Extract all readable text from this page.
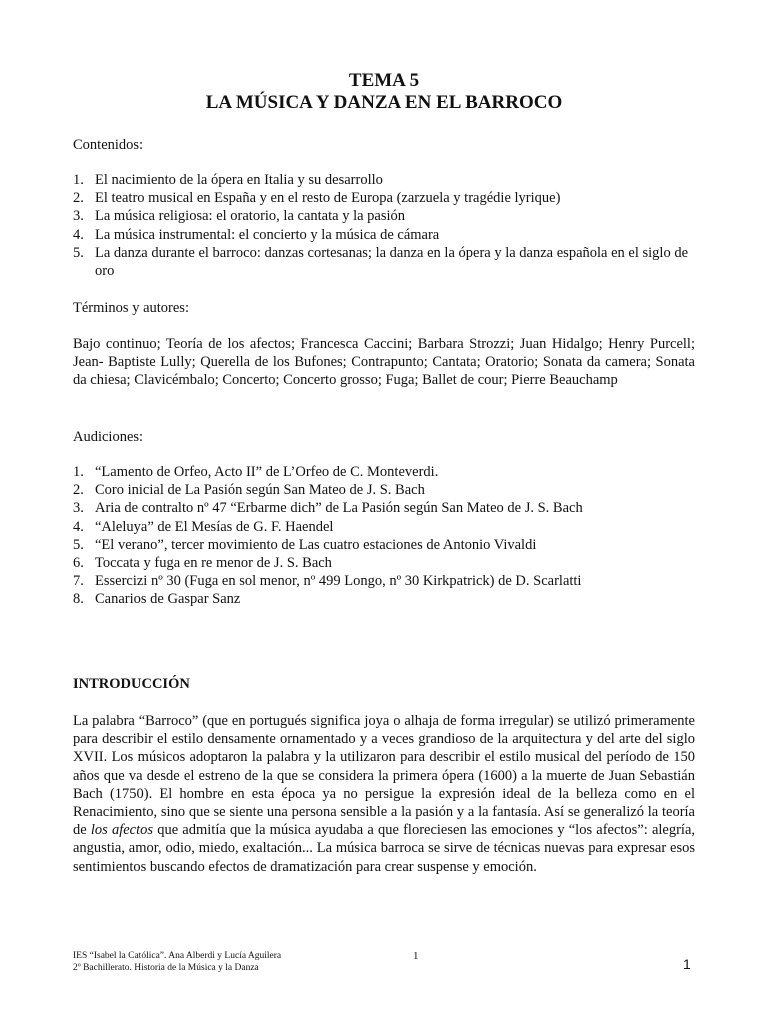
TEMA 5
LA MÚSICA Y DANZA EN EL BARROCO
Contenidos:
1. El nacimiento de la ópera en Italia y su desarrollo
2. El teatro musical en España y en el resto de Europa (zarzuela y tragédie lyrique)
3. La música religiosa: el oratorio, la cantata y la pasión
4. La música instrumental: el concierto y la música de cámara
5. La danza durante el barroco: danzas cortesanas; la danza en la ópera y la danza española en el siglo de oro
Términos y autores:

Bajo continuo; Teoría de los afectos; Francesca Caccini; Barbara Strozzi; Juan Hidalgo; Henry Purcell; Jean- Baptiste Lully; Querella de los Bufones; Contrapunto; Cantata; Oratorio; Sonata da camera; Sonata da chiesa; Clavicémbalo; Concerto; Concerto grosso; Fuga; Ballet de cour; Pierre Beauchamp

Audiciones:
1. “Lamento de Orfeo, Acto II” de L’Orfeo de C. Monteverdi.
2. Coro inicial de La Pasión según San Mateo de J. S. Bach
3. Aria de contralto nº 47 “Erbarme dich” de La Pasión según San Mateo de J. S. Bach
4. “Aleluya” de El Mesías de G. F. Haendel
5. “El verano”, tercer movimiento de Las cuatro estaciones de Antonio Vivaldi
6. Toccata y fuga en re menor de J. S. Bach
7. Essercizi nº 30 (Fuga en sol menor, nº 499 Longo, nº 30 Kirkpatrick) de D. Scarlatti
8. Canarios de Gaspar Sanz
INTRODUCCIÓN

La palabra “Barroco” (que en portugués significa joya o alhaja de forma irregular) se utilizó primeramente para describir el estilo densamente ornamentado y a veces grandioso de la arquitectura y del arte del siglo XVII. Los músicos adoptaron la palabra y la utilizaron para describir el estilo musical del período de 150 años que va desde el estreno de la que se considera la primera ópera (1600) a la muerte de Juan Sebastián Bach (1750). El hombre en esta época ya no persigue la expresión ideal de la belleza como en el Renacimiento, sino que se siente una persona sensible a la pasión y a la fantasía. Así se generalizó la teoría de los afectos que admitía que la música ayudaba a que floreciesen las emociones y “los afectos”: alegría, angustia, amor, odio, miedo, exaltación... La música barroca se sirve de técnicas nuevas para expresar esos sentimientos buscando efectos de dramatización para crear suspense y emoción.

IES “Isabel la Católica”. Ana Alberdi y Lucía Aguilera
2º Bachillerato. Historia de la Música y la Danza
1	1
